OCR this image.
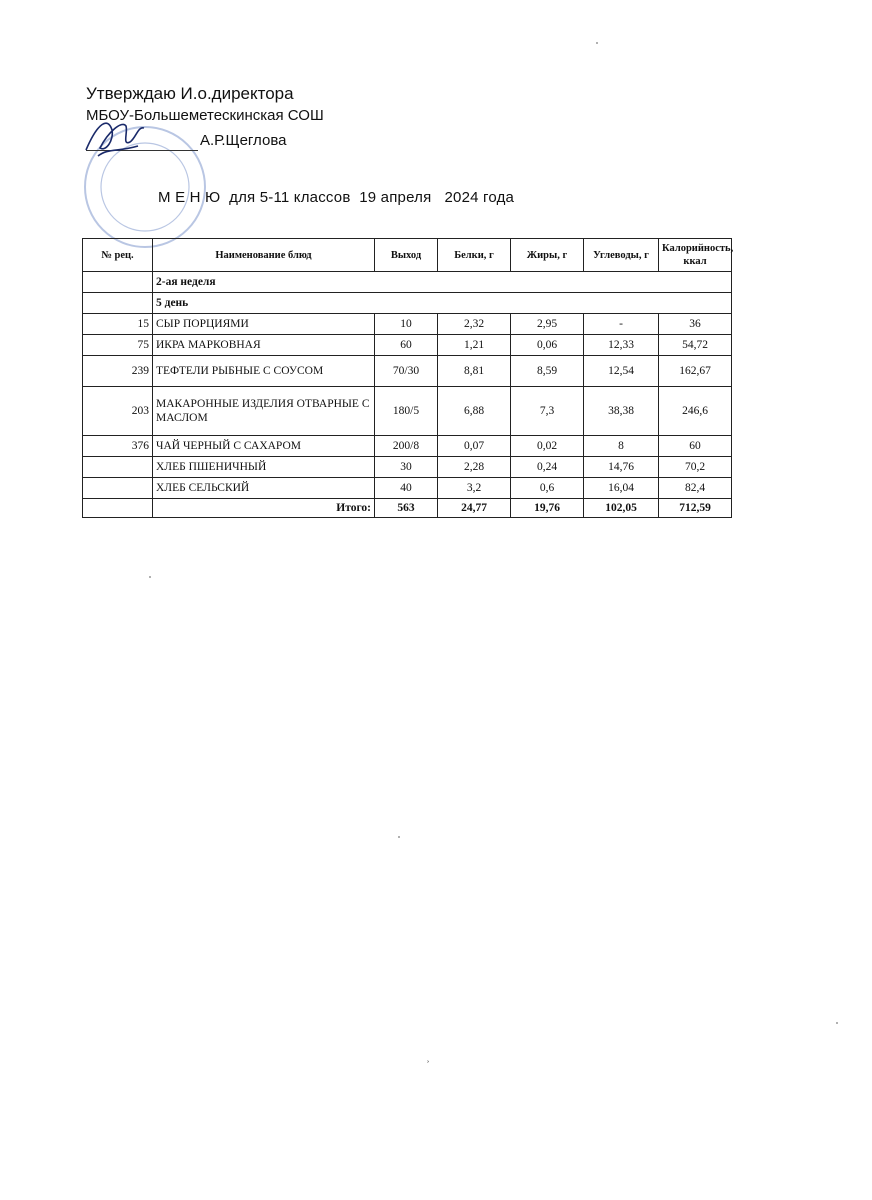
Утверждаю И.о.директора
МБОУ-Большеметескинская СОШ
А.Р.Щеглова
М Е Н Ю  для 5-11 классов  19 апреля   2024 года
№ рец.	Наименование блюд	Выход	Белки, г	Жиры, г	Углеводы, г	Калорийность, ккал
	2-ая неделя					
	5 день					
15	СЫР ПОРЦИЯМИ	10	2,32	2,95	-	36
75	ИКРА МАРКОВНАЯ	60	1,21	0,06	12,33	54,72
239	ТЕФТЕЛИ РЫБНЫЕ С СОУСОМ	70/30	8,81	8,59	12,54	162,67
203	МАКАРОННЫЕ ИЗДЕЛИЯ ОТВАРНЫЕ С МАСЛОМ	180/5	6,88	7,3	38,38	246,6
376	ЧАЙ ЧЕРНЫЙ С САХАРОМ	200/8	0,07	0,02	8	60
	ХЛЕБ ПШЕНИЧНЫЙ	30	2,28	0,24	14,76	70,2
	ХЛЕБ СЕЛЬСКИЙ	40	3,2	0,6	16,04	82,4
	Итого:	563	24,77	19,76	102,05	712,59
ʾ
